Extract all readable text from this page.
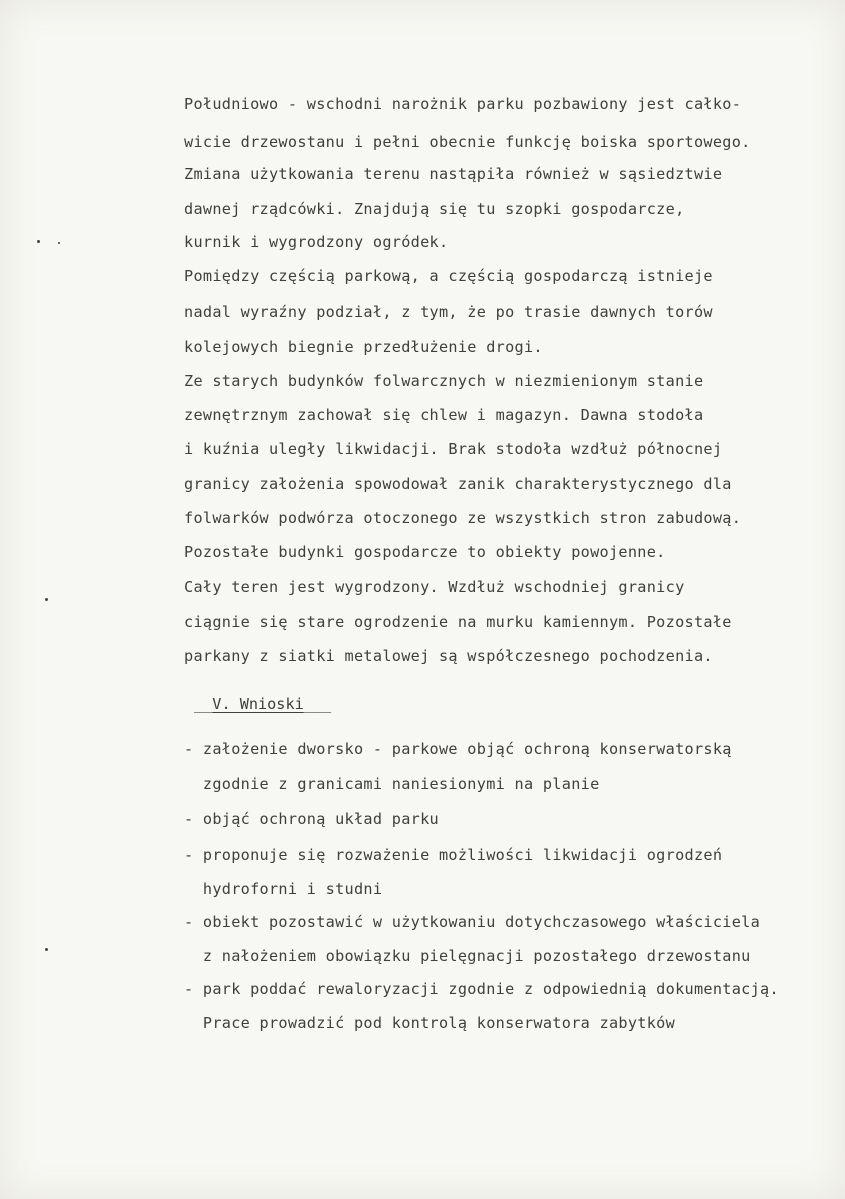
Południowo - wschodni narożnik parku pozbawiony jest całko-
wicie drzewostanu i pełni obecnie funkcję boiska sportowego.
Zmiana użytkowania terenu nastąpiła również w sąsiedztwie
dawnej rządcówki. Znajdują się tu szopki gospodarcze,
kurnik i wygrodzony ogródek.
Pomiędzy częścią parkową, a częścią gospodarczą istnieje
nadal wyraźny podział, z tym, że po trasie dawnych torów
kolejowych biegnie przedłużenie drogi.
Ze starych budynków folwarcznych w niezmienionym stanie
zewnętrznym zachował się chlew i magazyn. Dawna stodoła
i kuźnia uległy likwidacji. Brak stodoła wzdłuż północnej
granicy założenia spowodował zanik charakterystycznego dla
folwarków podwórza otoczonego ze wszystkich stron zabudową.
Pozostałe budynki gospodarcze to obiekty powojenne.
Cały teren jest wygrodzony. Wzdłuż wschodniej granicy
ciągnie się stare ogrodzenie na murku kamiennym. Pozostałe
parkany z siatki metalowej są współczesnego pochodzenia.
__V. Wnioski___
- założenie dworsko - parkowe objąć ochroną konserwatorską
zgodnie z granicami naniesionymi na planie
- objąć ochroną układ parku
- proponuje się rozważenie możliwości likwidacji ogrodzeń
hydroforni i studni
- obiekt pozostawić w użytkowaniu dotychczasowego właściciela
z nałożeniem obowiązku pielęgnacji pozostałego drzewostanu
- park poddać rewaloryzacji zgodnie z odpowiednią dokumentacją.
Prace prowadzić pod kontrolą konserwatora zabytków
